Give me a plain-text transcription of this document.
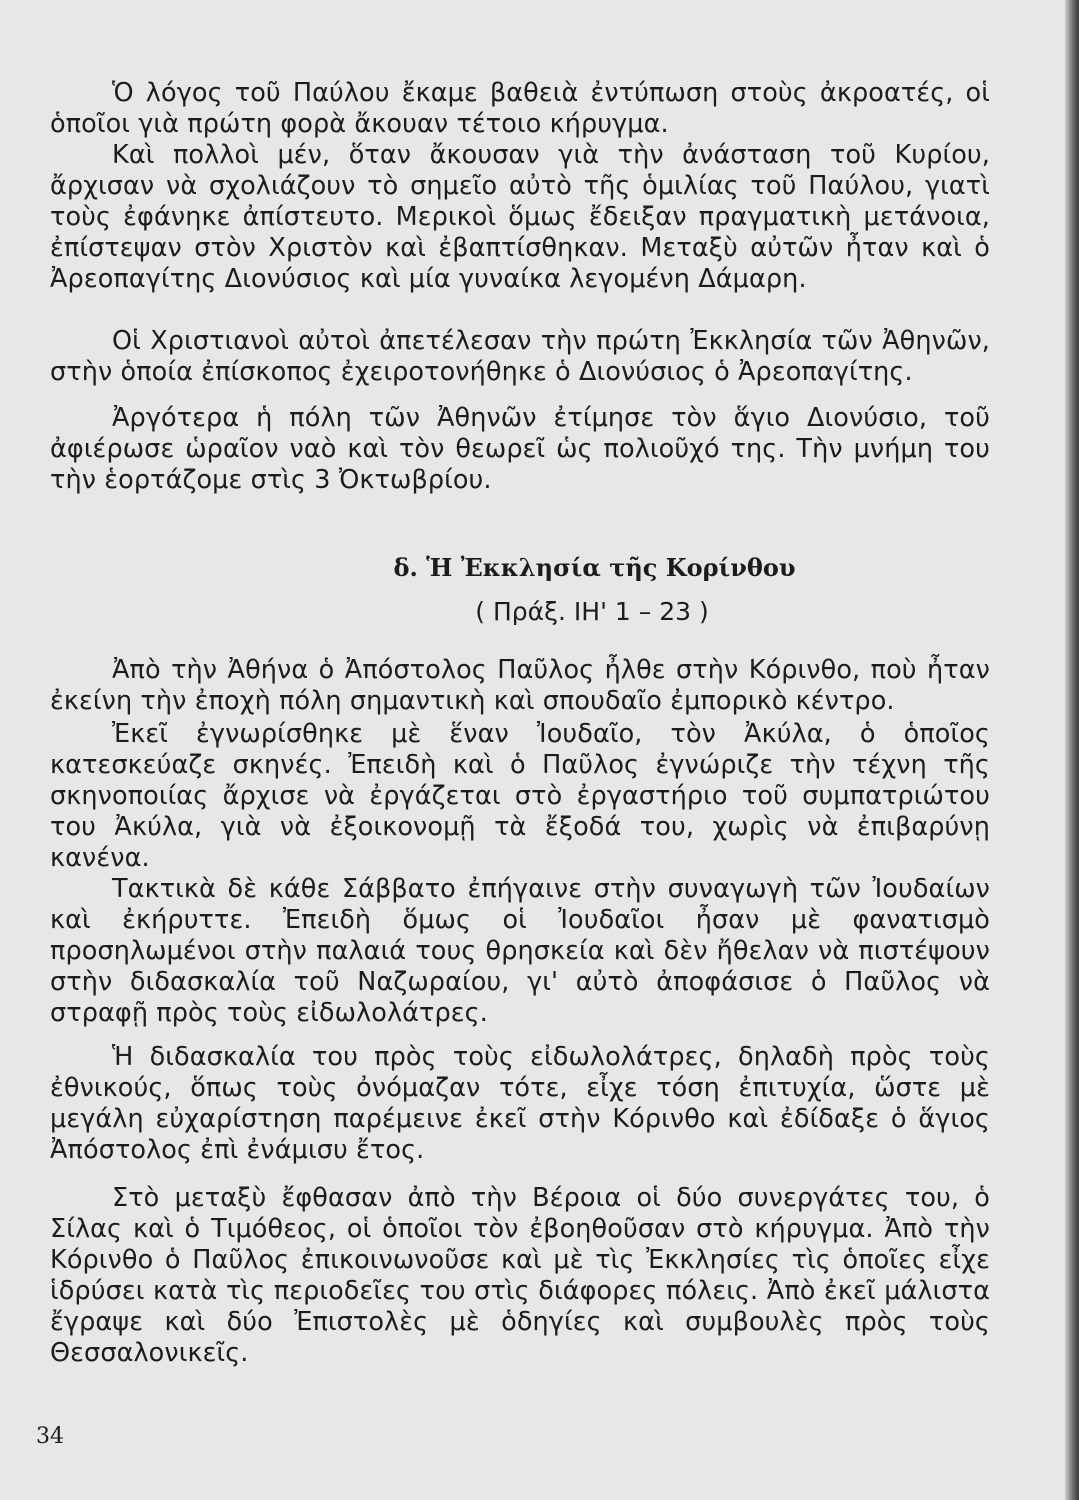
Ὁ λόγος τοῦ Παύλου ἔκαμε βαθειὰ ἐντύπωση στοὺς ἀκροατές, οἱ ὁποῖοι γιὰ πρώτη φορὰ ἄκουαν τέτοιο κήρυγμα.

Καὶ πολλοὶ μέν, ὅταν ἄκουσαν γιὰ τὴν ἀνάσταση τοῦ Κυρίου, ἄρχισαν νὰ σχολιάζουν τὸ σημεῖο αὐτὸ τῆς ὁμιλίας τοῦ Παύλου, γιατὶ τοὺς ἐφάνηκε ἀπίστευτο. Μερικοὶ ὅμως ἔδειξαν πραγματικὴ μετάνοια, ἐπίστεψαν στὸν Χριστὸν καὶ ἐβαπτίσθηκαν. Μεταξὺ αὐτῶν ἦταν καὶ ὁ Ἀρεοπαγίτης Διονύσιος καὶ μία γυναίκα λεγομένη Δάμαρη.

Οἱ Χριστιανοὶ αὐτοὶ ἀπετέλεσαν τὴν πρώτη Ἐκκλησία τῶν Ἀθηνῶν, στὴν ὁποία ἐπίσκοπος ἐχειροτονήθηκε ὁ Διονύσιος ὁ Ἀρεοπαγίτης.

Ἀργότερα ἡ πόλη τῶν Ἀθηνῶν ἐτίμησε τὸν ἅγιο Διονύσιο, τοῦ ἀφιέρωσε ὡραῖον ναὸ καὶ τὸν θεωρεῖ ὡς πολιοῦχό της. Τὴν μνήμη του τὴν ἑορτάζομε στὶς 3 Ὀκτωβρίου.

δ. Ἡ Ἐκκλησία τῆς Κορίνθου
( Πράξ. ΙΗ' 1 – 23 )

Ἀπὸ τὴν Ἀθήνα ὁ Ἀπόστολος Παῦλος ἦλθε στὴν Κόρινθο, ποὺ ἦταν ἐκείνη τὴν ἐποχὴ πόλη σημαντικὴ καὶ σπουδαῖο ἐμπορικὸ κέντρο.

Ἐκεῖ ἐγνωρίσθηκε μὲ ἕναν Ἰουδαῖο, τὸν Ἀκύλα, ὁ ὁποῖος κατεσκεύαζε σκηνές. Ἐπειδὴ καὶ ὁ Παῦλος ἐγνώριζε τὴν τέχνη τῆς σκηνοποιίας ἄρχισε νὰ ἐργάζεται στὸ ἐργαστήριο τοῦ συμπατριώτου του Ἀκύλα, γιὰ νὰ ἐξοικονομῇ τὰ ἔξοδά του, χωρὶς νὰ ἐπιβαρύνῃ κανένα.

Τακτικὰ δὲ κάθε Σάββατο ἐπήγαινε στὴν συναγωγὴ τῶν Ἰουδαίων καὶ ἐκήρυττε. Ἐπειδὴ ὅμως οἱ Ἰουδαῖοι ἦσαν μὲ φανατισμὸ προσηλωμένοι στὴν παλαιά τους θρησκεία καὶ δὲν ἤθελαν νὰ πιστέψουν στὴν διδασκαλία τοῦ Ναζωραίου, γι' αὐτὸ ἀποφάσισε ὁ Παῦλος νὰ στραφῇ πρὸς τοὺς εἰδωλολάτρες.

Ἡ διδασκαλία του πρὸς τοὺς εἰδωλολάτρες, δηλαδὴ πρὸς τοὺς ἐθνικούς, ὅπως τοὺς ὀνόμαζαν τότε, εἶχε τόση ἐπιτυχία, ὥστε μὲ μεγάλη εὐχαρίστηση παρέμεινε ἐκεῖ στὴν Κόρινθο καὶ ἐδίδαξε ὁ ἅγιος Ἀπόστολος ἐπὶ ἐνάμισυ ἔτος.

Στὸ μεταξὺ ἔφθασαν ἀπὸ τὴν Βέροια οἱ δύο συνεργάτες του, ὁ Σίλας καὶ ὁ Τιμόθεος, οἱ ὁποῖοι τὸν ἐβοηθοῦσαν στὸ κήρυγμα. Ἀπὸ τὴν Κόρινθο ὁ Παῦλος ἐπικοινωνοῦσε καὶ μὲ τὶς Ἐκκλησίες τὶς ὁποῖες εἶχε ἱδρύσει κατὰ τὶς περιοδεῖες του στὶς διάφορες πόλεις. Ἀπὸ ἐκεῖ μάλιστα ἔγραψε καὶ δύο Ἐπιστολὲς μὲ ὁδηγίες καὶ συμβουλὲς πρὸς τοὺς Θεσσαλονικεῖς.

34
